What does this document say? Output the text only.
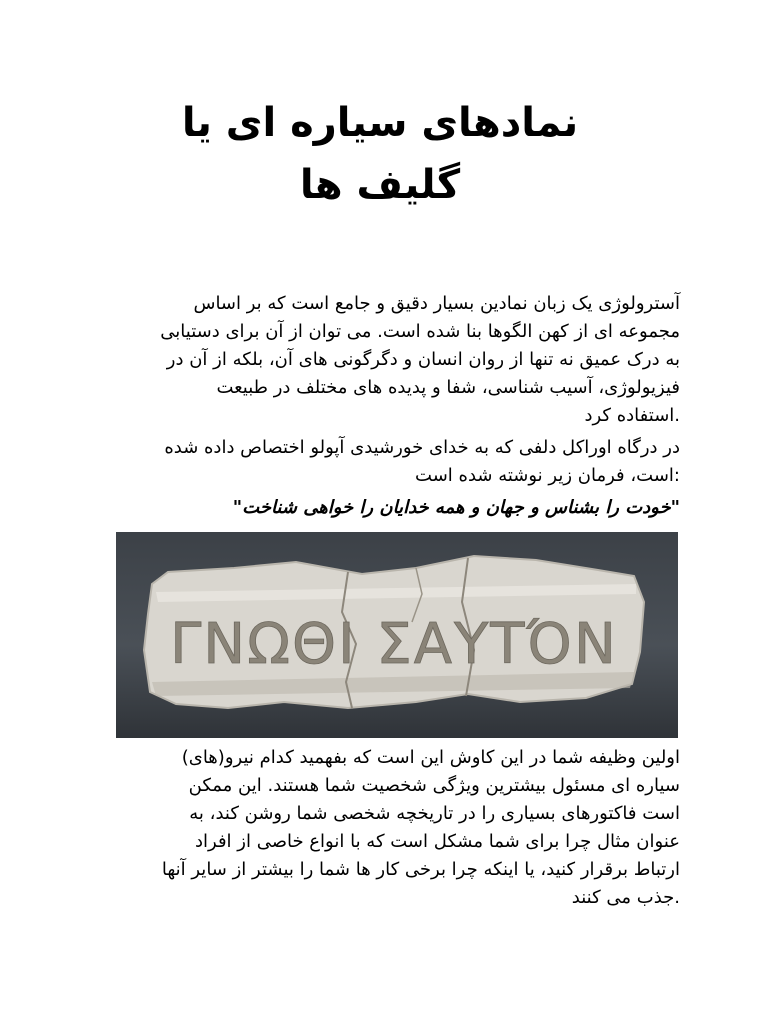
نمادهای سیاره ای یا
گلیف ها
آسترولوژی یک زبان نمادین بسیار دقیق و جامع است که بر اساس
مجموعه ای از کهن الگوها بنا شده است. می توان از آن برای دستیابی
به درک عمیق نه تنها از روان انسان و دگرگونی های آن، بلکه از آن در
فیزیولوژی، آسیب شناسی، شفا و پدیده های مختلف در طبیعت
.استفاده کرد
در درگاه اوراکل دلفی که به خدای خورشیدی آپولو اختصاص داده شده
:است، فرمان زیر نوشته شده است

"خودت را بشناس و جهان و همه خدایان را خواهی شناخت"

ΓΝΩΘΙ ΣΑΥΤΌΝ
اولین وظیفه شما در این کاوش این است که بفهمید کدام نیرو(های)
سیاره ای مسئول بیشترین ویژگی شخصیت شما هستند. این ممکن
است فاکتورهای بسیاری را در تاریخچه شخصی شما روشن کند، به
عنوان مثال چرا برای شما مشکل است که با انواع خاصی از افراد
ارتباط برقرار کنید، یا اینکه چرا برخی کار ها شما را بیشتر از سایر آنها
.جذب می کنند
